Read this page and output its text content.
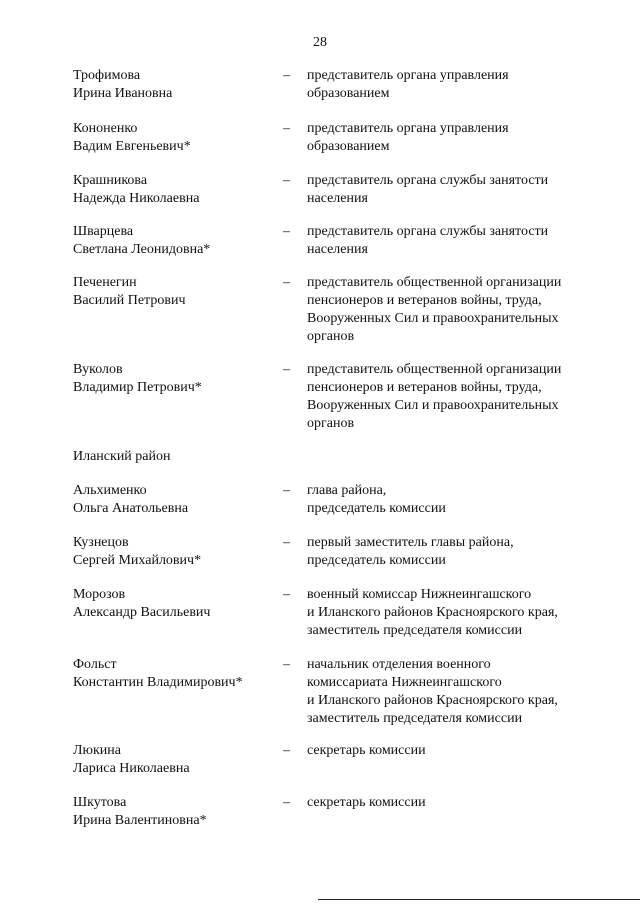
28
Трофимова
Ирина Ивановна
– представитель органа управления
образованием
Кононенко
Вадим Евгеньевич*
– представитель органа управления
образованием
Крашникова
Надежда Николаевна
– представитель органа службы занятости
населения
Шварцева
Светлана Леонидовна*
– представитель органа службы занятости
населения
Печенегин
Василий Петрович
– представитель общественной организации
пенсионеров и ветеранов войны, труда,
Вооруженных Сил и правоохранительных
органов
Вуколов
Владимир Петрович*
– представитель общественной организации
пенсионеров и ветеранов войны, труда,
Вооруженных Сил и правоохранительных
органов
Иланский район
Альхименко
Ольга Анатольевна
– глава района,
председатель комиссии
Кузнецов
Сергей Михайлович*
– первый заместитель главы района,
председатель комиссии
Морозов
Александр Васильевич
– военный комиссар Нижнеингашского
и Иланского районов Красноярского края,
заместитель председателя комиссии
Фольст
Константин Владимирович*
– начальник отделения военного
комиссариата Нижнеингашского
и Иланского районов Красноярского края,
заместитель председателя комиссии
Люкина
Лариса Николаевна
– секретарь комиссии
Шкутова
Ирина Валентиновна*
– секретарь комиссии
